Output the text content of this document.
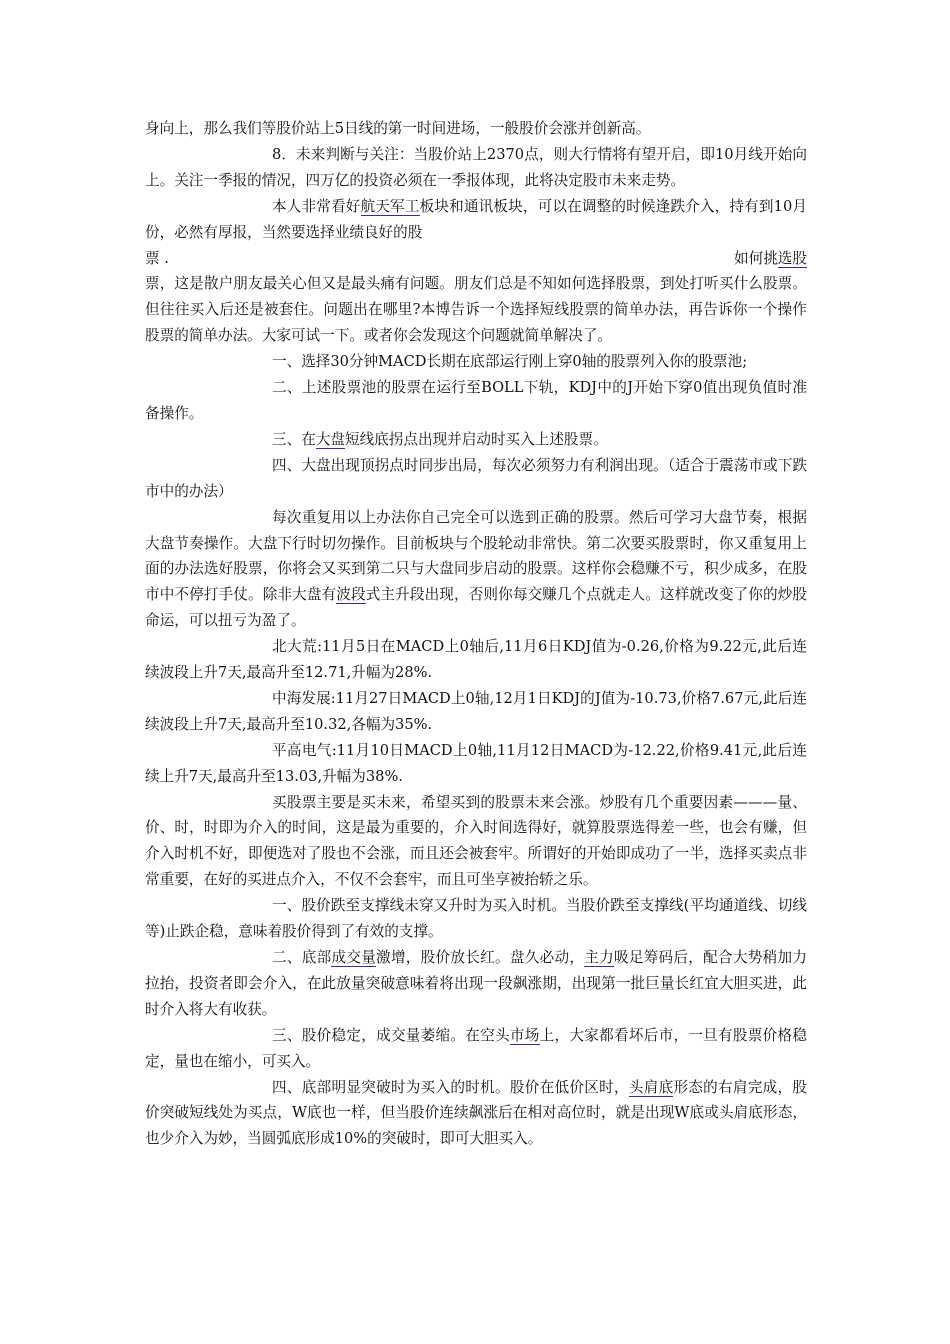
身向上，那么我们等股价站上5日线的第一时间进场，一般股价会涨并创新高。

8．未来判断与关注：当股价站上2370点，则大行情将有望开启，即10月线开始向上。关注一季报的情况，四万亿的投资必须在一季报体现，此将决定股市未来走势。

本人非常看好航天军工板块和通讯板块，可以在调整的时候逢跌介入，持有到10月份，必然有厚报，当然要选择业绩良好的股

票 .	如何挑选股

票，这是散户朋友最关心但又是最头痛有问题。朋友们总是不知如何选择股票，到处打听买什么股票。但往往买入后还是被套住。问题出在哪里?本博告诉一个选择短线股票的简单办法，再告诉你一个操作股票的简单办法。大家可试一下。或者你会发现这个问题就简单解决了。

一、选择30分钟MACD长期在底部运行刚上穿0轴的股票列入你的股票池;

二、上述股票池的股票在运行至BOLL下轨，KDJ中的J开始下穿0值出现负值时准备操作。

三、在大盘短线底拐点出现并启动时买入上述股票。

四、大盘出现顶拐点时同步出局，每次必须努力有利润出现。（适合于震荡市或下跌市中的办法）

每次重复用以上办法你自己完全可以选到正确的股票。然后可学习大盘节奏，根据大盘节奏操作。大盘下行时切勿操作。目前板块与个股轮动非常快。第二次要买股票时，你又重复用上面的办法选好股票，你将会又买到第二只与大盘同步启动的股票。这样你会稳赚不亏，积少成多，在股市中不停打手仗。除非大盘有波段式主升段出现，否则你每交赚几个点就走人。这样就改变了你的炒股命运，可以扭亏为盈了。

北大荒:11月5日在MACD上0轴后,11月6日KDJ值为-0.26,价格为9.22元,此后连续波段上升7天,最高升至12.71,升幅为28%.

中海发展:11月27日MACD上0轴,12月1日KDJ的J值为-10.73,价格7.67元,此后连续波段上升7天,最高升至10.32,各幅为35%.

平高电气:11月10日MACD上0轴,11月12日MACD为-12.22,价格9.41元,此后连续上升7天,最高升至13.03,升幅为38%.

买股票主要是买未来，希望买到的股票未来会涨。炒股有几个重要因素———量、价、时，时即为介入的时间，这是最为重要的，介入时间选得好，就算股票选得差一些，也会有赚，但介入时机不好，即便选对了股也不会涨，而且还会被套牢。所谓好的开始即成功了一半，选择买卖点非常重要，在好的买进点介入，不仅不会套牢，而且可坐享被抬轿之乐。

一、股价跌至支撑线未穿又升时为买入时机。当股价跌至支撑线(平均通道线、切线等)止跌企稳，意味着股价得到了有效的支撑。

二、底部成交量激增，股价放长红。盘久必动，主力吸足筹码后，配合大势稍加力拉抬，投资者即会介入，在此放量突破意味着将出现一段飙涨期，出现第一批巨量长红宜大胆买进，此时介入将大有收获。

三、股价稳定，成交量萎缩。在空头市场上，大家都看坏后市，一旦有股票价格稳定，量也在缩小，可买入。

四、底部明显突破时为买入的时机。股价在低价区时，头肩底形态的右肩完成，股价突破短线处为买点，W底也一样，但当股价连续飙涨后在相对高位时，就是出现W底或头肩底形态，也少介入为妙，当圆弧底形成10%的突破时，即可大胆买入。
